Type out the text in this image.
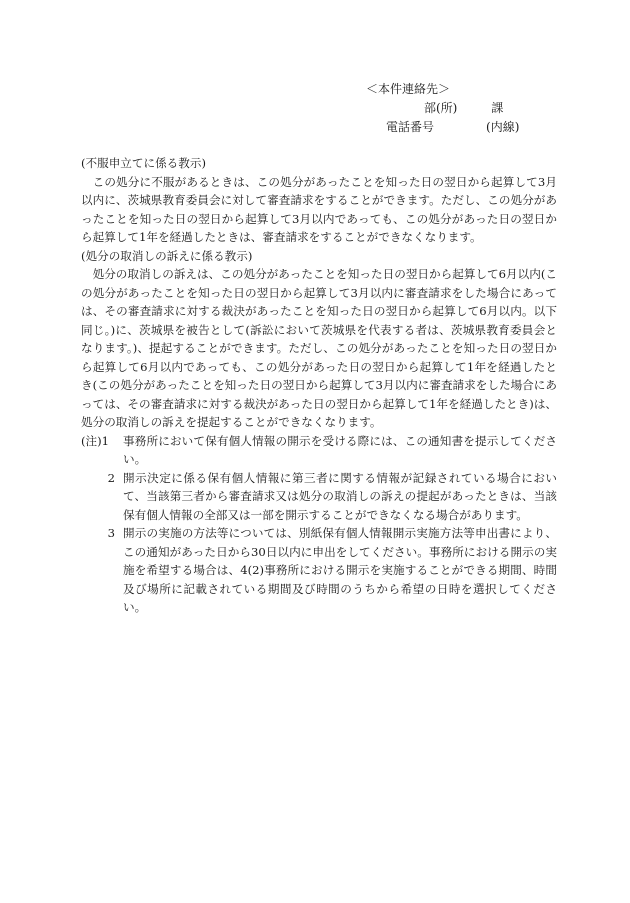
＜本件連絡先＞
部(所)	課
電話番号	(内線)

(不服申立てに係る教示)

この処分に不服があるときは、この処分があったことを知った日の翌日から起算して3月以内に、茨城県教育委員会に対して審査請求をすることができます。ただし、この処分があったことを知った日の翌日から起算して3月以内であっても、この処分があった日の翌日から起算して1年を経過したときは、審査請求をすることができなくなります。

(処分の取消しの訴えに係る教示)

処分の取消しの訴えは、この処分があったことを知った日の翌日から起算して6月以内(この処分があったことを知った日の翌日から起算して3月以内に審査請求をした場合にあっては、その審査請求に対する裁決があったことを知った日の翌日から起算して6月以内。以下同じ。)に、茨城県を被告として(訴訟において茨城県を代表する者は、茨城県教育委員会となります。)、提起することができます。ただし、この処分があったことを知った日の翌日から起算して6月以内であっても、この処分があった日の翌日から起算して1年を経過したとき(この処分があったことを知った日の翌日から起算して3月以内に審査請求をした場合にあっては、その審査請求に対する裁決があった日の翌日から起算して1年を経過したとき)は、処分の取消しの訴えを提起することができなくなります。

(注)1	事務所において保有個人情報の開示を受ける際には、この通知書を提示してください。
2 開示決定に係る保有個人情報に第三者に関する情報が記録されている場合において、当該第三者から審査請求又は処分の取消しの訴えの提起があったときは、当該保有個人情報の全部又は一部を開示することができなくなる場合があります。
3 開示の実施の方法等については、別紙保有個人情報開示実施方法等申出書により、この通知があった日から30日以内に申出をしてください。事務所における開示の実施を希望する場合は、4(2)事務所における開示を実施することができる期間、時間及び場所に記載されている期間及び時間のうちから希望の日時を選択してください。
